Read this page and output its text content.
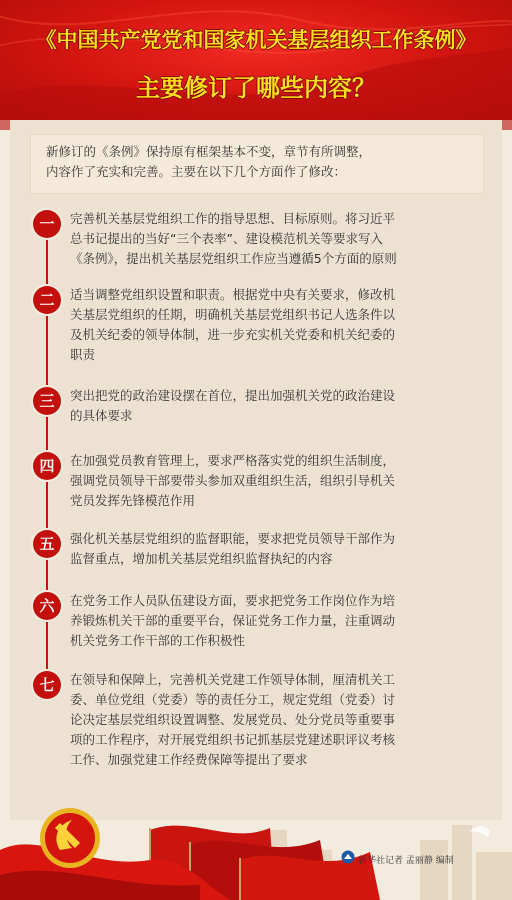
《中国共产党党和国家机关基层组织工作条例》
主要修订了哪些内容？
新修订的《条例》保持原有框架基本不变，章节有所调整，
内容作了充实和完善。主要在以下几个方面作了修改：
一	完善机关基层党组织工作的指导思想、目标原则。将习近平
总书记提出的当好“三个表率”、建设模范机关等要求写入
《条例》，提出机关基层党组织工作应当遵循5个方面的原则
二	适当调整党组织设置和职责。根据党中央有关要求，修改机
关基层党组织的任期，明确机关基层党组织书记人选条件以
及机关纪委的领导体制，进一步充实机关党委和机关纪委的
职责
三	突出把党的政治建设摆在首位，提出加强机关党的政治建设
的具体要求
四	在加强党员教育管理上，要求严格落实党的组织生活制度，
强调党员领导干部要带头参加双重组织生活，组织引导机关
党员发挥先锋模范作用
五	强化机关基层党组织的监督职能，要求把党员领导干部作为
监督重点，增加机关基层党组织监督执纪的内容
六	在党务工作人员队伍建设方面，要求把党务工作岗位作为培
养锻炼机关干部的重要平台，保证党务工作力量，注重调动
机关党务工作干部的工作积极性
七	在领导和保障上，完善机关党建工作领导体制，厘清机关工
委、单位党组（党委）等的责任分工，规定党组（党委）讨
论决定基层党组织设置调整、发展党员、处分党员等重要事
项的工作程序，对开展党组织书记抓基层党建述职评议考核
工作、加强党建工作经费保障等提出了要求
新华社记者 孟丽静 编制
